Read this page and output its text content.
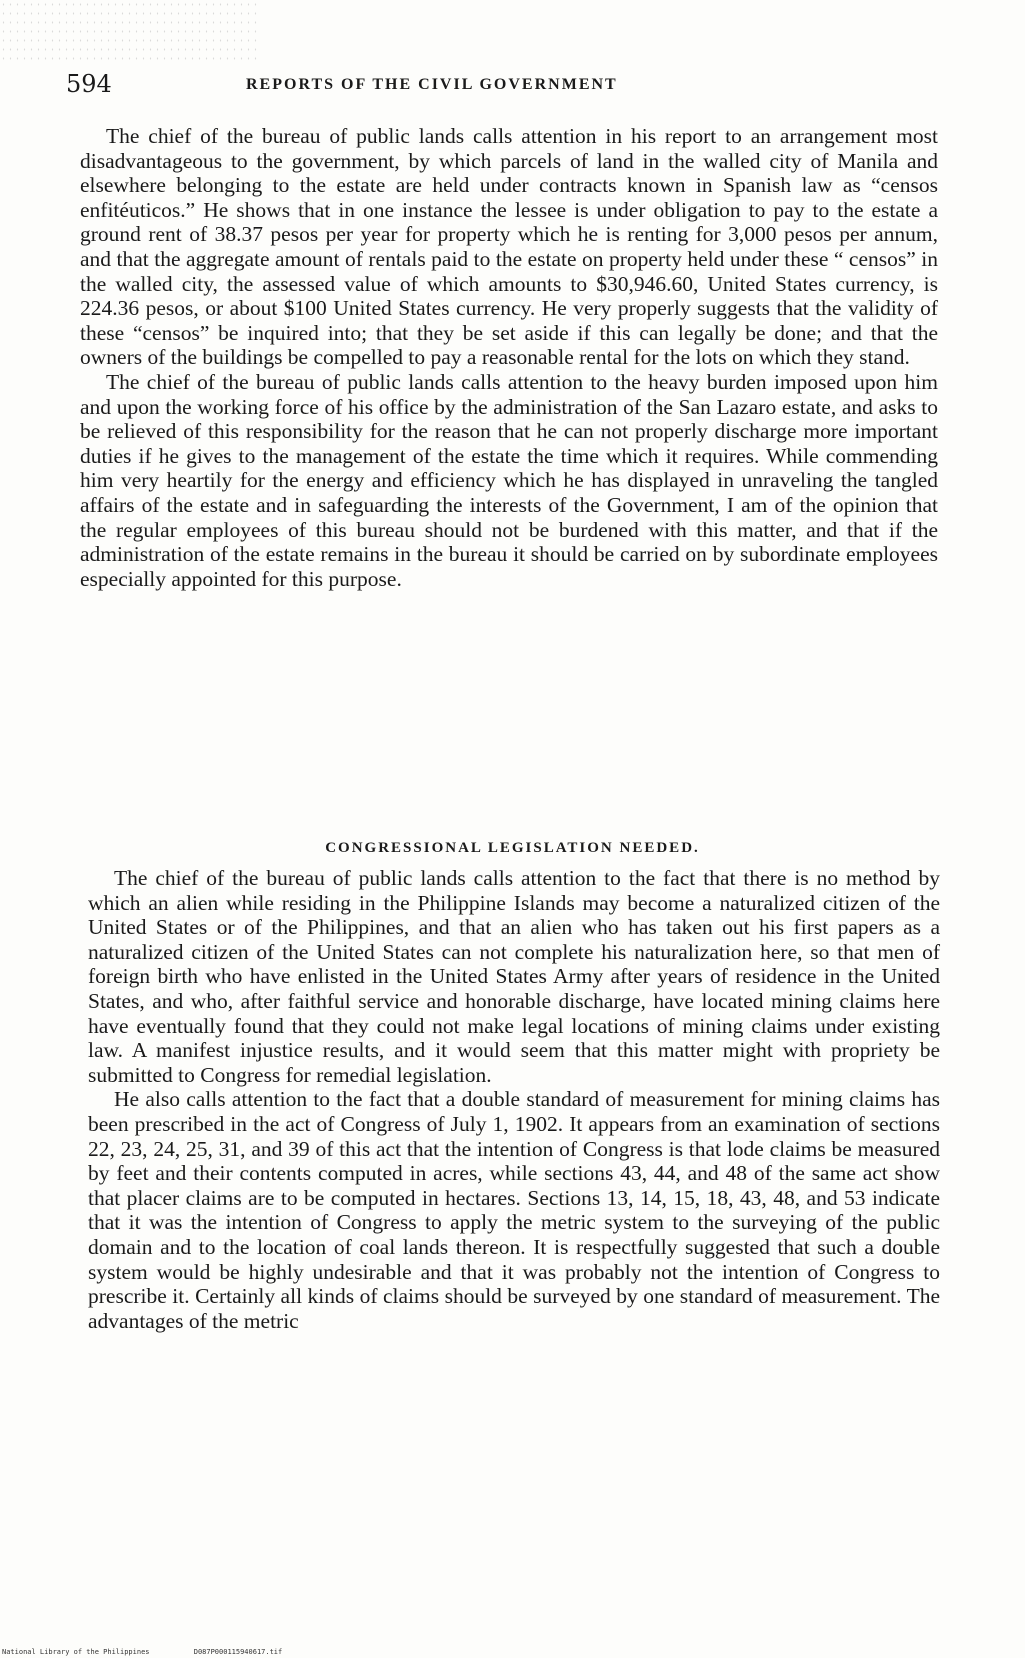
594	REPORTS OF THE CIVIL GOVERNMENT

The chief of the bureau of public lands calls attention in his report to an arrangement most disadvantageous to the government, by which parcels of land in the walled city of Manila and elsewhere belonging to the estate are held under contracts known in Spanish law as “censos enfitéuticos.” He shows that in one instance the lessee is under obligation to pay to the estate a ground rent of 38.37 pesos per year for property which he is renting for 3,000 pesos per annum, and that the aggregate amount of rentals paid to the estate on property held under these “ censos” in the walled city, the assessed value of which amounts to $30,946.60, United States currency, is 224.36 pesos, or about $100 United States currency. He very properly suggests that the validity of these “censos” be inquired into; that they be set aside if this can legally be done; and that the owners of the buildings be compelled to pay a reasonable rental for the lots on which they stand.

The chief of the bureau of public lands calls attention to the heavy burden imposed upon him and upon the working force of his office by the administration of the San Lazaro estate, and asks to be relieved of this responsibility for the reason that he can not properly discharge more important duties if he gives to the management of the estate the time which it requires. While commending him very heartily for the energy and efficiency which he has displayed in unraveling the tangled affairs of the estate and in safeguarding the interests of the Government, I am of the opinion that the regular employees of this bureau should not be burdened with this matter, and that if the administration of the estate remains in the bureau it should be carried on by subordinate employees especially appointed for this purpose.

CONGRESSIONAL LEGISLATION NEEDED.

The chief of the bureau of public lands calls attention to the fact that there is no method by which an alien while residing in the Philippine Islands may become a naturalized citizen of the United States or of the Philippines, and that an alien who has taken out his first papers as a naturalized citizen of the United States can not complete his naturalization here, so that men of foreign birth who have enlisted in the United States Army after years of residence in the United States, and who, after faithful service and honorable discharge, have located mining claims here have eventually found that they could not make legal locations of mining claims under existing law. A manifest injustice results, and it would seem that this matter might with propriety be submitted to Congress for remedial legislation.

He also calls attention to the fact that a double standard of measurement for mining claims has been prescribed in the act of Congress of July 1, 1902. It appears from an examination of sections 22, 23, 24, 25, 31, and 39 of this act that the intention of Congress is that lode claims be measured by feet and their contents computed in acres, while sections 43, 44, and 48 of the same act show that placer claims are to be computed in hectares. Sections 13, 14, 15, 18, 43, 48, and 53 indicate that it was the intention of Congress to apply the metric system to the surveying of the public domain and to the location of coal lands thereon. It is respectfully suggested that such a double system would be highly undesirable and that it was probably not the intention of Congress to prescribe it. Certainly all kinds of claims should be surveyed by one standard of measurement. The advantages of the metric

National Library of the Philippines	D087P000115940617.tif
